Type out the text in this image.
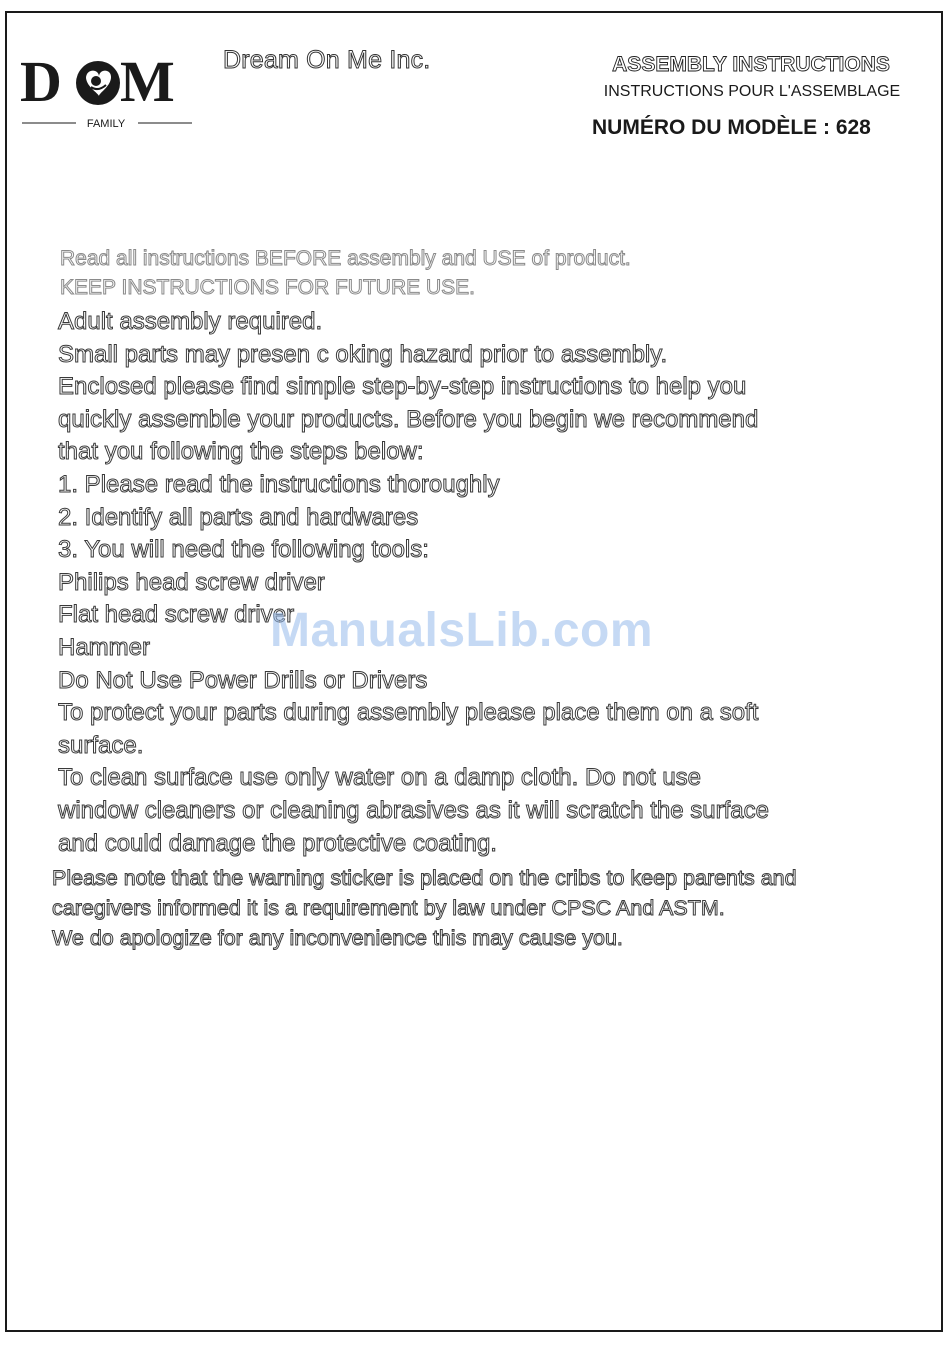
D M
FAMILY
Dream On Me Inc.	ASSEMBLY INSTRUCTIONS
INSTRUCTIONS POUR L'ASSEMBLAGE
NUMÉRO DU MODÈLE : 628
Read all instructions BEFORE assembly and USE of product.
KEEP INSTRUCTIONS FOR FUTURE USE.
Adult assembly required.
Small parts may presen c oking hazard prior to assembly.
Enclosed please find simple step-by-step instructions to help you
quickly assemble your products. Before you begin we recommend
that you following the steps below:
1. Please read the instructions thoroughly
2. Identify all parts and hardwares
3. You will need the following tools:
Philips head screw driver
Flat head screw driver
Hammer
Do Not Use Power Drills or Drivers
To protect your parts during assembly please place them on a soft
surface.
To clean surface use only water on a damp cloth. Do not use
window cleaners or cleaning abrasives as it will scratch the surface
and could damage the protective coating.
Please note that the warning sticker is placed on the cribs to keep parents and
caregivers informed it is a requirement by law under CPSC And ASTM.
We do apologize for any inconvenience this may cause you.
ManualsLib.com
